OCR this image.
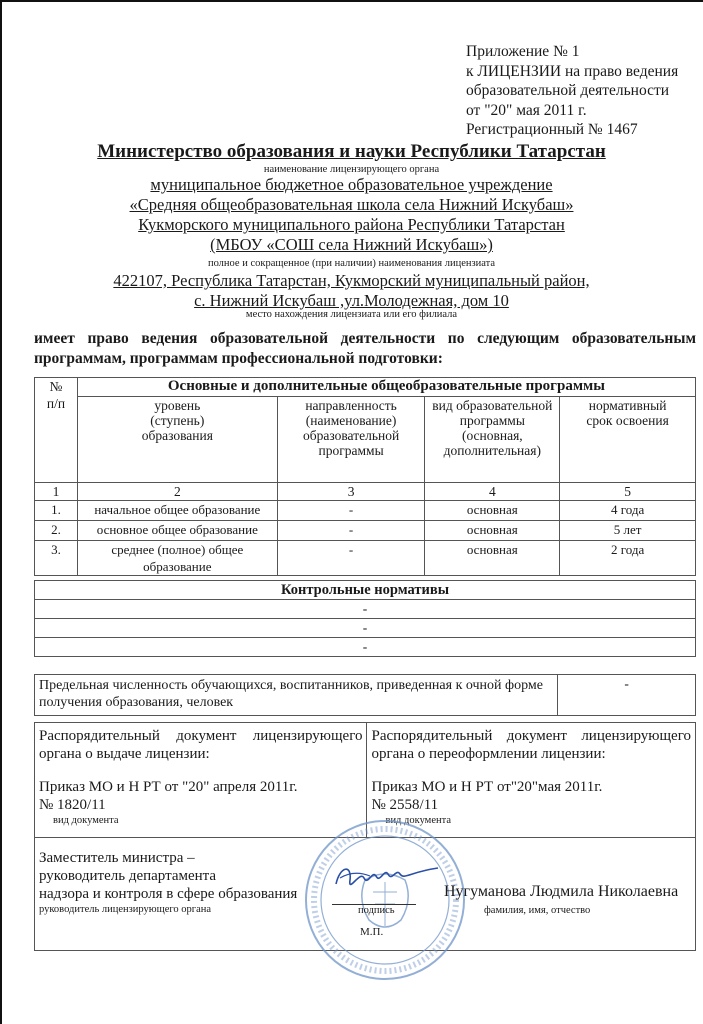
Приложение № 1
к ЛИЦЕНЗИИ на право ведения
образовательной деятельности
от "20" мая 2011 г.
Регистрационный № 1467
Министерство образования и науки Республики Татарстан
наименование лицензирующего органа
муниципальное бюджетное образовательное учреждение
«Средняя общеобразовательная школа села Нижний Искубаш»
Кукморского муниципального района Республики Татарстан
(МБОУ «СОШ села Нижний Искубаш»)
полное и сокращенное (при наличии) наименования лицензиата
422107, Республика Татарстан, Кукморский муниципальный район,
с. Нижний Искубаш ,ул.Молодежная, дом 10
место нахождения лицензиата или его филиала
имеет право ведения образовательной деятельности по следующим образовательным программам, программам профессиональной подготовки:
№ п/п	Основные и дополнительные общеобразовательные программы			
	уровень (ступень) образования	направленность (наименование) образовательной программы	вид образовательной программы (основная, дополнительная)	нормативный срок освоения
1	2	3	4	5
1.	начальное общее образование	-	основная	4 года
2.	основное общее образование	-	основная	5 лет
3.	среднее (полное) общее образование	-	основная	2 года
Контрольные нормативы
-
-
-
Предельная численность обучающихся, воспитанников, приведенная к очной форме получения образования, человек	-
Распорядительный документ лицензирующего органа о выдаче лицензии:
Приказ МО и Н РТ от "20" апреля 2011г.
№ 1820/11
вид документа

Распорядительный документ лицензирующего органа о переоформлении лицензии:
Приказ МО и Н РТ от"20"мая 2011г.
№ 2558/11
вид документа
Заместитель министра –
руководитель департамента
надзора и контроля в сфере образования
руководитель лицензирующего органа	подпись
М.П.
Нугуманова Людмила Николаевна
фамилия, имя, отчество
